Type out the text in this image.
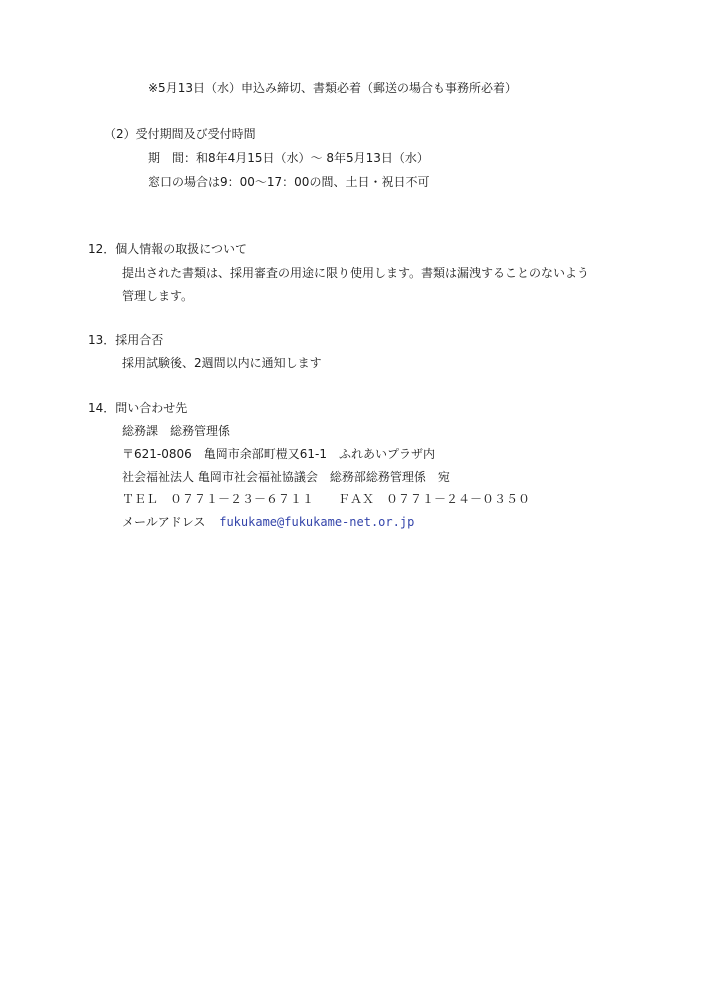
※5月13日（水）申込み締切、書類必着（郵送の場合も事務所必着）
（2）受付期間及び受付時間
期　間：和8年4月15日（水）～ 8年5月13日（水）
窓口の場合は9：00～17：00の間、土日・祝日不可
12．個人情報の取扱について
提出された書類は、採用審査の用途に限り使用します。書類は漏洩することのないよう
管理します。
13．採用合否
採用試験後、2週間以内に通知します
14．問い合わせ先
総務課　総務管理係
〒621-0806　亀岡市余部町榿又61-1　ふれあいプラザ内
社会福祉法人 亀岡市社会福祉協議会　総務部総務管理係　宛
ＴＥＬ　０７７１－２３－６７１１　　ＦＡＸ　０７７１－２４－０３５０
メールアドレス fukukame@fukukame-net.or.jp
